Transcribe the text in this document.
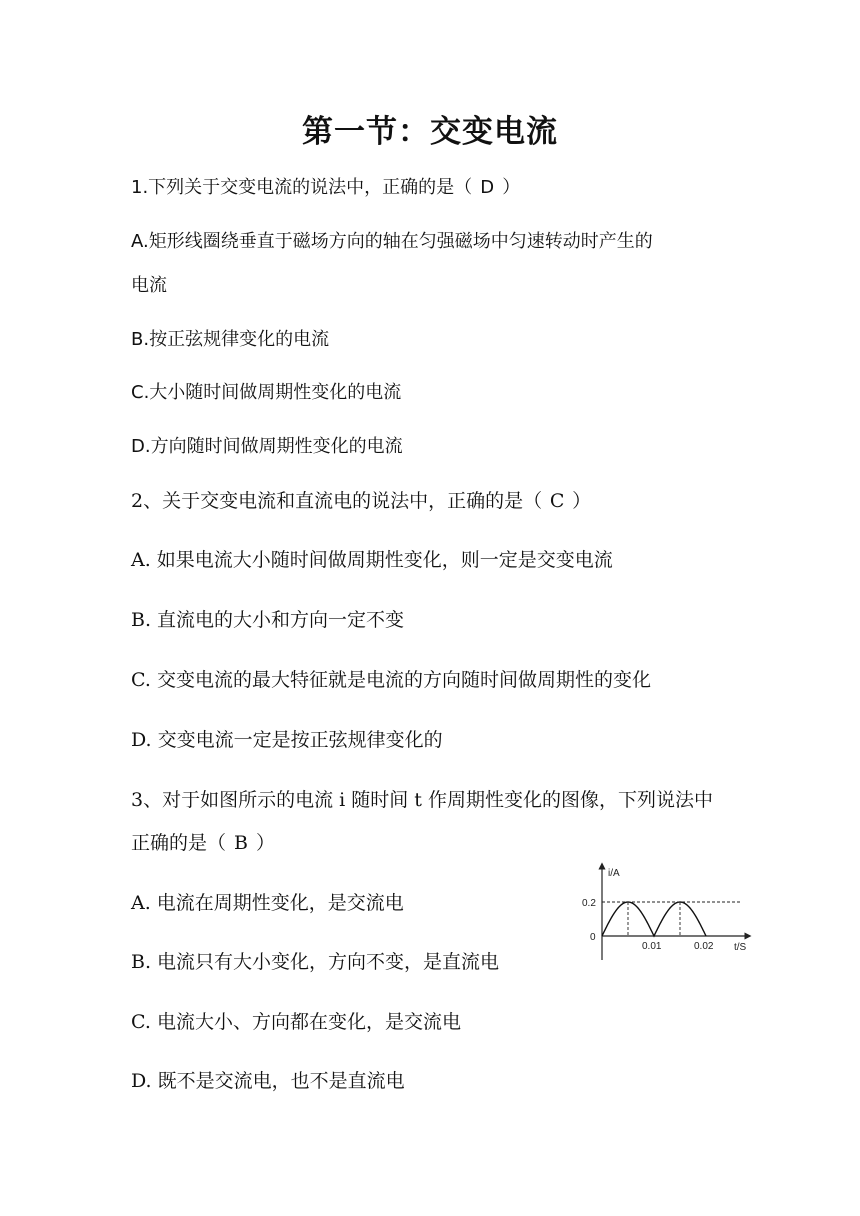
第一节：交变电流
1.下列关于交变电流的说法中，正确的是（ D ）
A.矩形线圈绕垂直于磁场方向的轴在匀强磁场中匀速转动时产生的
电流
B.按正弦规律变化的电流
C.大小随时间做周期性变化的电流
D.方向随时间做周期性变化的电流
2、关于交变电流和直流电的说法中，正确的是（ C ）
A. 如果电流大小随时间做周期性变化，则一定是交变电流
B. 直流电的大小和方向一定不变
C. 交变电流的最大特征就是电流的方向随时间做周期性的变化
D. 交变电流一定是按正弦规律变化的
3、对于如图所示的电流 i 随时间 t 作周期性变化的图像，下列说法中
正确的是（ B ）
A. 电流在周期性变化，是交流电
B. 电流只有大小变化，方向不变，是直流电
C. 电流大小、方向都在变化，是交流电
D. 既不是交流电，也不是直流电
i/A
t/S
0
0.2
0.01	0.02
